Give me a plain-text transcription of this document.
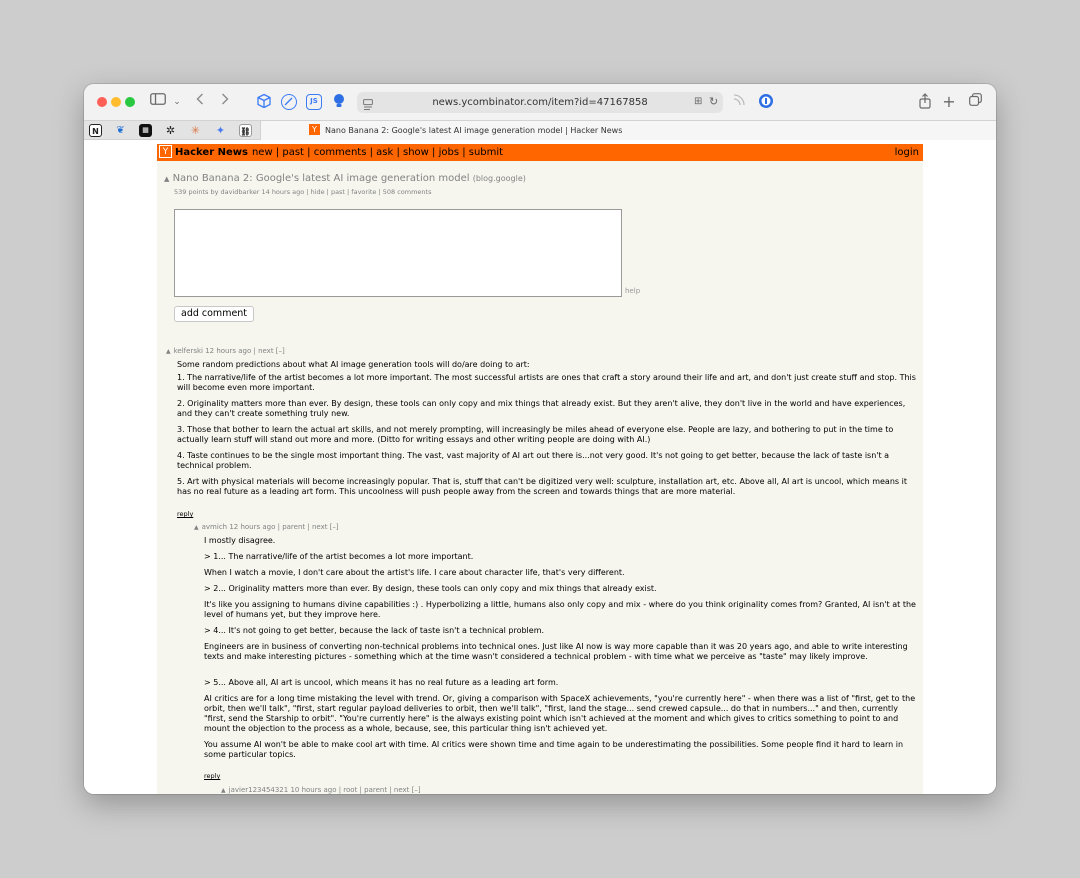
⌄	JS	news.ycombinator.com/item?id=47167858	⊞ ↻	+
N	❦	▦ ✲ ✳ ✦ ⛓	Y	Nano Banana 2: Google's latest AI image generation model | Hacker News
Y Hacker News new | past | comments | ask | show | jobs | submit	login
▲ Nano Banana 2: Google's latest AI image generation model (blog.google)
539 points by davidbarker 14 hours ago | hide | past | favorite | 508 comments
help
add comment
▲ kelferski 12 hours ago | next [–]

Some random predictions about what AI image generation tools will do/are doing to art:

1. The narrative/life of the artist becomes a lot more important. The most successful artists are ones that craft a story around their life and art, and don't just create stuff and stop. This will become even more important.

2. Originality matters more than ever. By design, these tools can only copy and mix things that already exist. But they aren't alive, they don't live in the world and have experiences, and they can't create something truly new.

3. Those that bother to learn the actual art skills, and not merely prompting, will increasingly be miles ahead of everyone else. People are lazy, and bothering to put in the time to actually learn stuff will stand out more and more. (Ditto for writing essays and other writing people are doing with AI.)

4. Taste continues to be the single most important thing. The vast, vast majority of AI art out there is...not very good. It's not going to get better, because the lack of taste isn't a technical problem.

5. Art with physical materials will become increasingly popular. That is, stuff that can't be digitized very well: sculpture, installation art, etc. Above all, AI art is uncool, which means it has no real future as a leading art form. This uncoolness will push people away from the screen and towards things that are more material.

reply
▲ avmich 12 hours ago | parent | next [–]

I mostly disagree.

> 1... The narrative/life of the artist becomes a lot more important.

When I watch a movie, I don't care about the artist's life. I care about character life, that's very different.

> 2... Originality matters more than ever. By design, these tools can only copy and mix things that already exist.

It's like you assigning to humans divine capabilities :) . Hyperbolizing a little, humans also only copy and mix - where do you think originality comes from? Granted, AI isn't at the level of humans yet, but they improve here.

> 4... It's not going to get better, because the lack of taste isn't a technical problem.

Engineers are in business of converting non-technical problems into technical ones. Just like AI now is way more capable than it was 20 years ago, and able to write interesting texts and make interesting pictures - something which at the time wasn't considered a technical problem - with time what we perceive as "taste" may likely improve.

> 5... Above all, AI art is uncool, which means it has no real future as a leading art form.

AI critics are for a long time mistaking the level with trend. Or, giving a comparison with SpaceX achievements, "you're currently here" - when there was a list of "first, get to the orbit, then we'll talk", "first, start regular payload deliveries to orbit, then we'll talk", "first, land the stage... send crewed capsule... do that in numbers..." and then, currently "first, send the Starship to orbit". "You're currently here" is the always existing point which isn't achieved at the moment and which gives to critics something to point to and mount the objection to the process as a whole, because, see, this particular thing isn't achieved yet.

You assume AI won't be able to make cool art with time. AI critics were shown time and time again to be underestimating the possibilities. Some people find it hard to learn in some particular topics.

reply
▲ javier123454321 10 hours ago | root | parent | next [–]
